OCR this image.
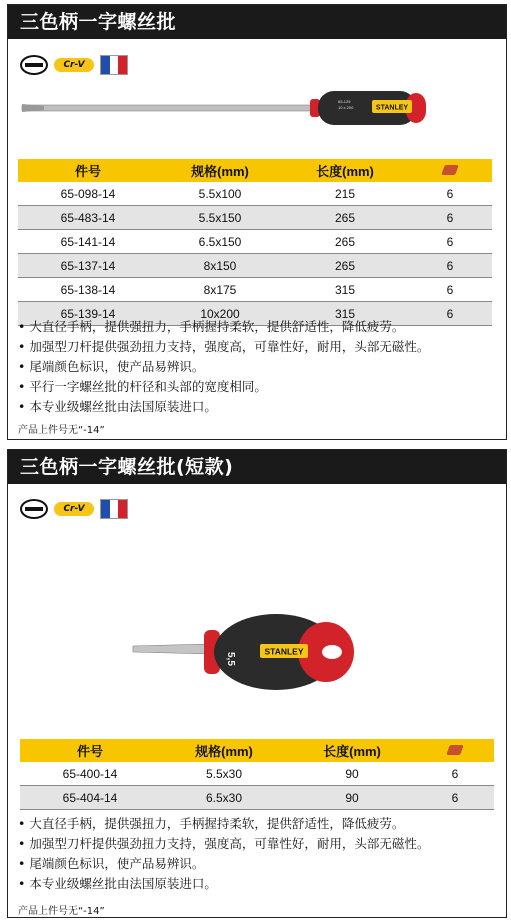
三色柄一字螺丝批
Cr-V
STANLEY
65-125
10 x 200
件号	规格(mm)	长度(mm)	
65-098-14	5.5x100	215	6
65-483-14	5.5x150	265	6
65-141-14	6.5x150	265	6
65-137-14	8x150	265	6
65-138-14	8x175	315	6
65-139-14	10x200	315	6
• 大直径手柄，提供强扭力，手柄握持柔软，提供舒适性，降低疲劳。
• 加强型刀杆提供强劲扭力支持，强度高，可靠性好，耐用，头部无磁性。
• 尾端颜色标识，使产品易辨识。
• 平行一字螺丝批的杆径和头部的宽度相同。
• 本专业级螺丝批由法国原装进口。
产品上件号无“-14”
三色柄一字螺丝批(短款)
Cr-V
STANLEY
5,5
件号	规格(mm)	长度(mm)	
65-400-14	5.5x30	90	6
65-404-14	6.5x30	90	6
• 大直径手柄，提供强扭力，手柄握持柔软，提供舒适性，降低疲劳。
• 加强型刀杆提供强劲扭力支持，强度高，可靠性好，耐用，头部无磁性。
• 尾端颜色标识，使产品易辨识。
• 本专业级螺丝批由法国原装进口。
产品上件号无“-14”
